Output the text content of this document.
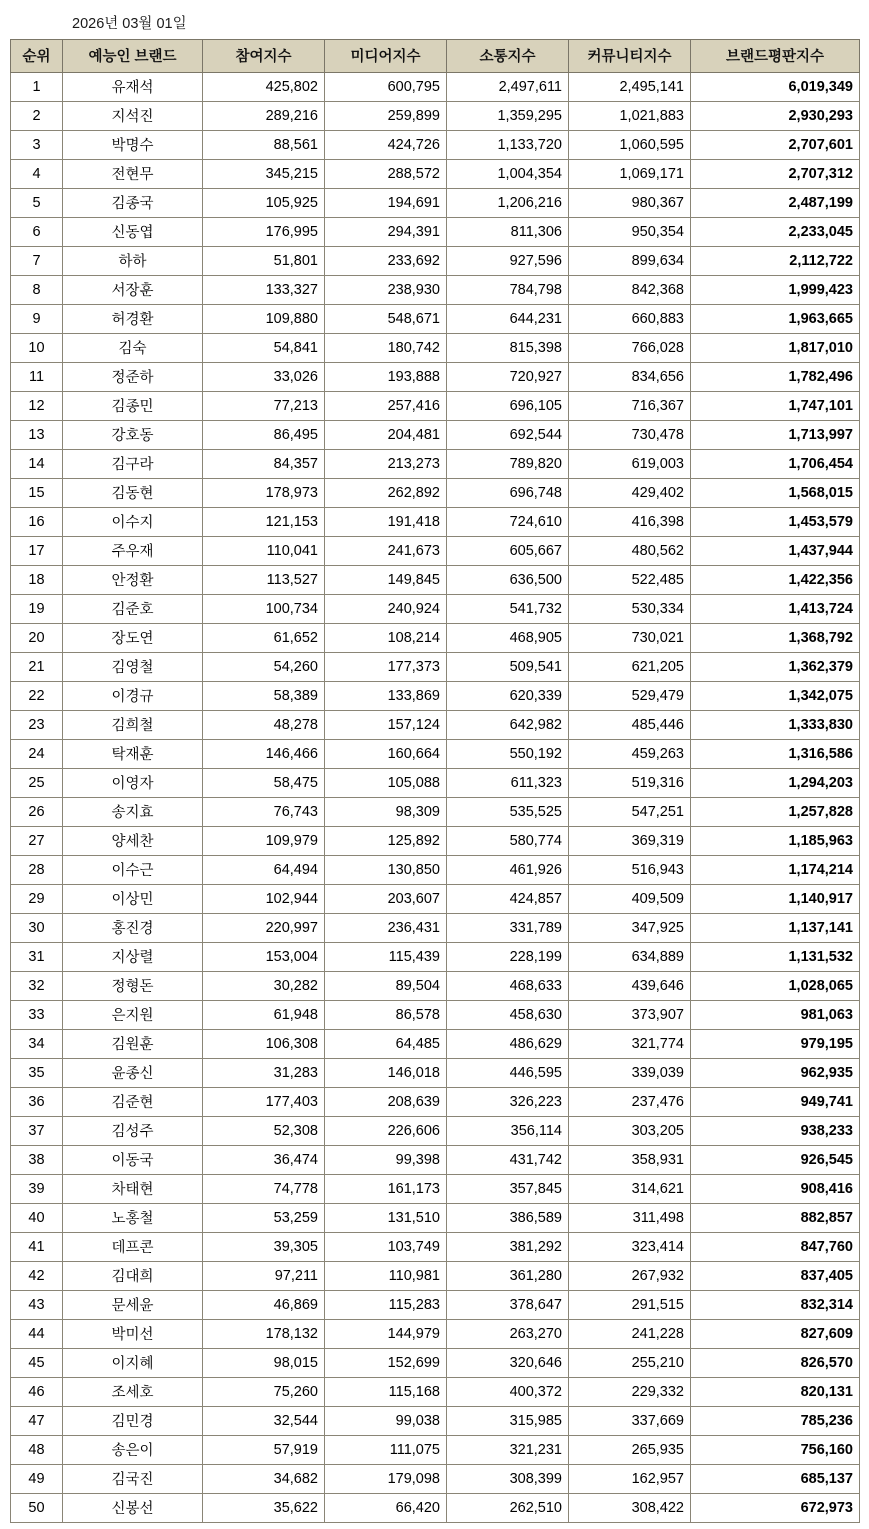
2026년 03월 01일
순위	예능인 브랜드	참여지수	미디어지수	소통지수	커뮤니티지수	브랜드평판지수
1	유재석	425,802	600,795	2,497,611	2,495,141	6,019,349
2	지석진	289,216	259,899	1,359,295	1,021,883	2,930,293
3	박명수	88,561	424,726	1,133,720	1,060,595	2,707,601
4	전현무	345,215	288,572	1,004,354	1,069,171	2,707,312
5	김종국	105,925	194,691	1,206,216	980,367	2,487,199
6	신동엽	176,995	294,391	811,306	950,354	2,233,045
7	하하	51,801	233,692	927,596	899,634	2,112,722
8	서장훈	133,327	238,930	784,798	842,368	1,999,423
9	허경환	109,880	548,671	644,231	660,883	1,963,665
10	김숙	54,841	180,742	815,398	766,028	1,817,010
11	정준하	33,026	193,888	720,927	834,656	1,782,496
12	김종민	77,213	257,416	696,105	716,367	1,747,101
13	강호동	86,495	204,481	692,544	730,478	1,713,997
14	김구라	84,357	213,273	789,820	619,003	1,706,454
15	김동현	178,973	262,892	696,748	429,402	1,568,015
16	이수지	121,153	191,418	724,610	416,398	1,453,579
17	주우재	110,041	241,673	605,667	480,562	1,437,944
18	안정환	113,527	149,845	636,500	522,485	1,422,356
19	김준호	100,734	240,924	541,732	530,334	1,413,724
20	장도연	61,652	108,214	468,905	730,021	1,368,792
21	김영철	54,260	177,373	509,541	621,205	1,362,379
22	이경규	58,389	133,869	620,339	529,479	1,342,075
23	김희철	48,278	157,124	642,982	485,446	1,333,830
24	탁재훈	146,466	160,664	550,192	459,263	1,316,586
25	이영자	58,475	105,088	611,323	519,316	1,294,203
26	송지효	76,743	98,309	535,525	547,251	1,257,828
27	양세찬	109,979	125,892	580,774	369,319	1,185,963
28	이수근	64,494	130,850	461,926	516,943	1,174,214
29	이상민	102,944	203,607	424,857	409,509	1,140,917
30	홍진경	220,997	236,431	331,789	347,925	1,137,141
31	지상렬	153,004	115,439	228,199	634,889	1,131,532
32	정형돈	30,282	89,504	468,633	439,646	1,028,065
33	은지원	61,948	86,578	458,630	373,907	981,063
34	김원훈	106,308	64,485	486,629	321,774	979,195
35	윤종신	31,283	146,018	446,595	339,039	962,935
36	김준현	177,403	208,639	326,223	237,476	949,741
37	김성주	52,308	226,606	356,114	303,205	938,233
38	이동국	36,474	99,398	431,742	358,931	926,545
39	차태현	74,778	161,173	357,845	314,621	908,416
40	노홍철	53,259	131,510	386,589	311,498	882,857
41	데프콘	39,305	103,749	381,292	323,414	847,760
42	김대희	97,211	110,981	361,280	267,932	837,405
43	문세윤	46,869	115,283	378,647	291,515	832,314
44	박미선	178,132	144,979	263,270	241,228	827,609
45	이지혜	98,015	152,699	320,646	255,210	826,570
46	조세호	75,260	115,168	400,372	229,332	820,131
47	김민경	32,544	99,038	315,985	337,669	785,236
48	송은이	57,919	111,075	321,231	265,935	756,160
49	김국진	34,682	179,098	308,399	162,957	685,137
50	신봉선	35,622	66,420	262,510	308,422	672,973
